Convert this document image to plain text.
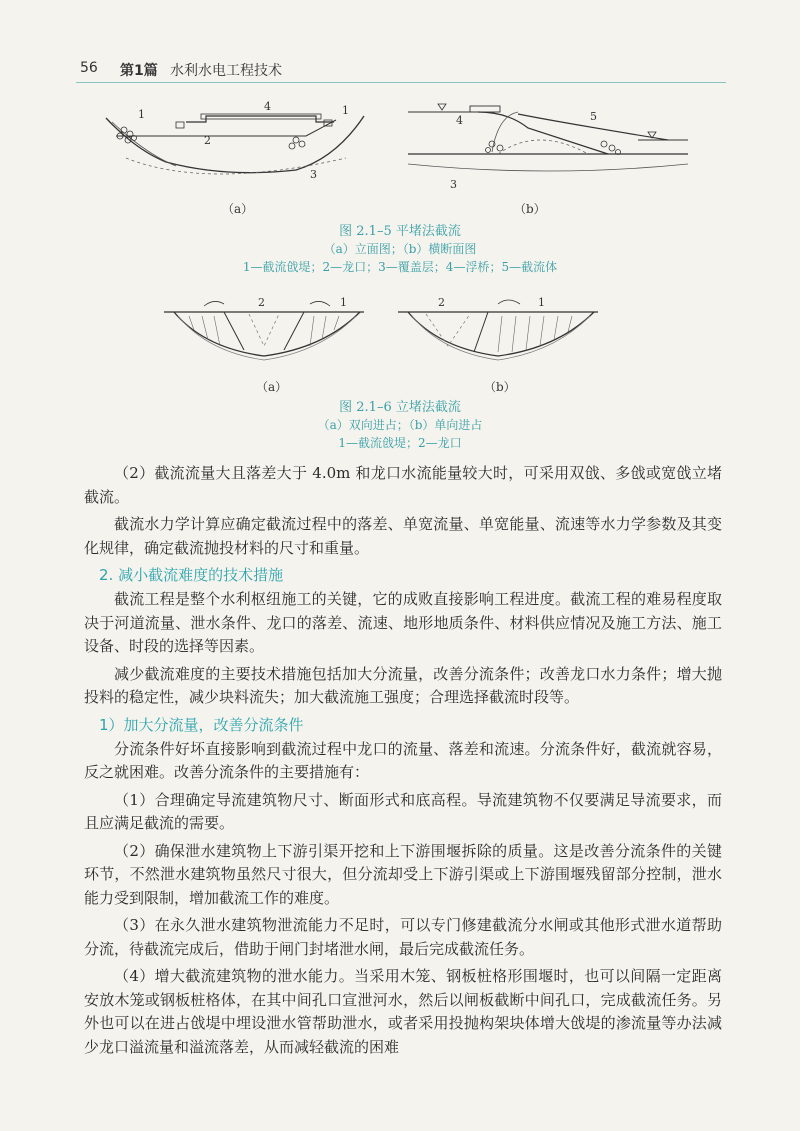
56 第1篇 水利水电工程技术
1
4	1
2
3
（a）
4	5
3
（b）
图 2.1–5 平堵法截流
（a）立面图；（b）横断面图
1—截流戗堤；2—龙口；3—覆盖层；4—浮桥；5—截流体
2	1
（a）
2	1
（b）
图 2.1–6 立堵法截流
（a）双向进占；（b）单向进占
1—截流戗堤；2—龙口
（2）截流流量大且落差大于 4.0m 和龙口水流能量较大时，可采用双戗、多戗或宽戗立堵截流。
截流水力学计算应确定截流过程中的落差、单宽流量、单宽能量、流速等水力学参数及其变化规律，确定截流抛投材料的尺寸和重量。
2. 减小截流难度的技术措施
截流工程是整个水利枢纽施工的关键，它的成败直接影响工程进度。截流工程的难易程度取决于河道流量、泄水条件、龙口的落差、流速、地形地质条件、材料供应情况及施工方法、施工设备、时段的选择等因素。
减少截流难度的主要技术措施包括加大分流量，改善分流条件；改善龙口水力条件；增大抛投料的稳定性，减少块料流失；加大截流施工强度；合理选择截流时段等。
1）加大分流量，改善分流条件
分流条件好坏直接影响到截流过程中龙口的流量、落差和流速。分流条件好，截流就容易，反之就困难。改善分流条件的主要措施有：
（1）合理确定导流建筑物尺寸、断面形式和底高程。导流建筑物不仅要满足导流要求，而且应满足截流的需要。
（2）确保泄水建筑物上下游引渠开挖和上下游围堰拆除的质量。这是改善分流条件的关键环节，不然泄水建筑物虽然尺寸很大，但分流却受上下游引渠或上下游围堰残留部分控制，泄水能力受到限制，增加截流工作的难度。
（3）在永久泄水建筑物泄流能力不足时，可以专门修建截流分水闸或其他形式泄水道帮助分流，待截流完成后，借助于闸门封堵泄水闸，最后完成截流任务。
（4）增大截流建筑物的泄水能力。当采用木笼、钢板桩格形围堰时，也可以间隔一定距离安放木笼或钢板桩格体，在其中间孔口宣泄河水，然后以闸板截断中间孔口，完成截流任务。另外也可以在进占戗堤中埋设泄水管帮助泄水，或者采用投抛构架块体增大戗堤的渗流量等办法减少龙口溢流量和溢流落差，从而减轻截流的困难
